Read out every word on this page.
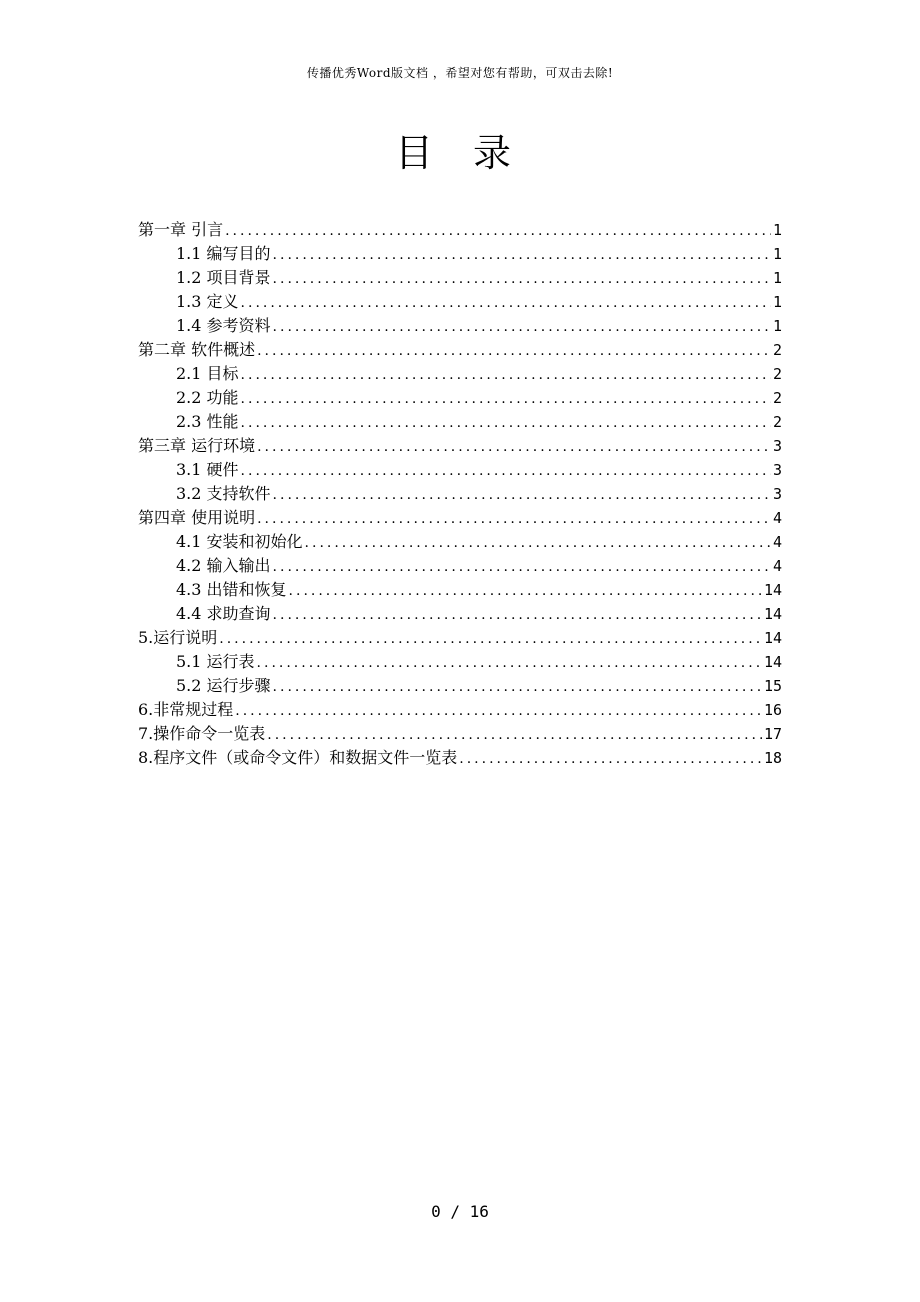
传播优秀Word版文档 ，希望对您有帮助，可双击去除!
目 录
第一章 引言 .....	1
1.1 编写目的 .....	1
1.2 项目背景 .....	1
1.3 定义 .....	1
1.4 参考资料 .....	1
第二章 软件概述 .....	2
2.1 目标 .....	2
2.2 功能 .....	2
2.3 性能 .....	2
第三章 运行环境 .....	3
3.1 硬件 .....	3
3.2 支持软件 .....	3
第四章 使用说明 .....	4
4.1 安装和初始化 .....	4
4.2 输入输出 .....	4
4.3 出错和恢复 .....	14
4.4 求助查询 .....	14
5.运行说明 .....	14
5.1 运行表 .....	14
5.2 运行步骤 .....	15
6.非常规过程 .....	16
7.操作命令一览表 .....	17
8.程序文件（或命令文件）和数据文件一览表 .....	18
0 / 16
